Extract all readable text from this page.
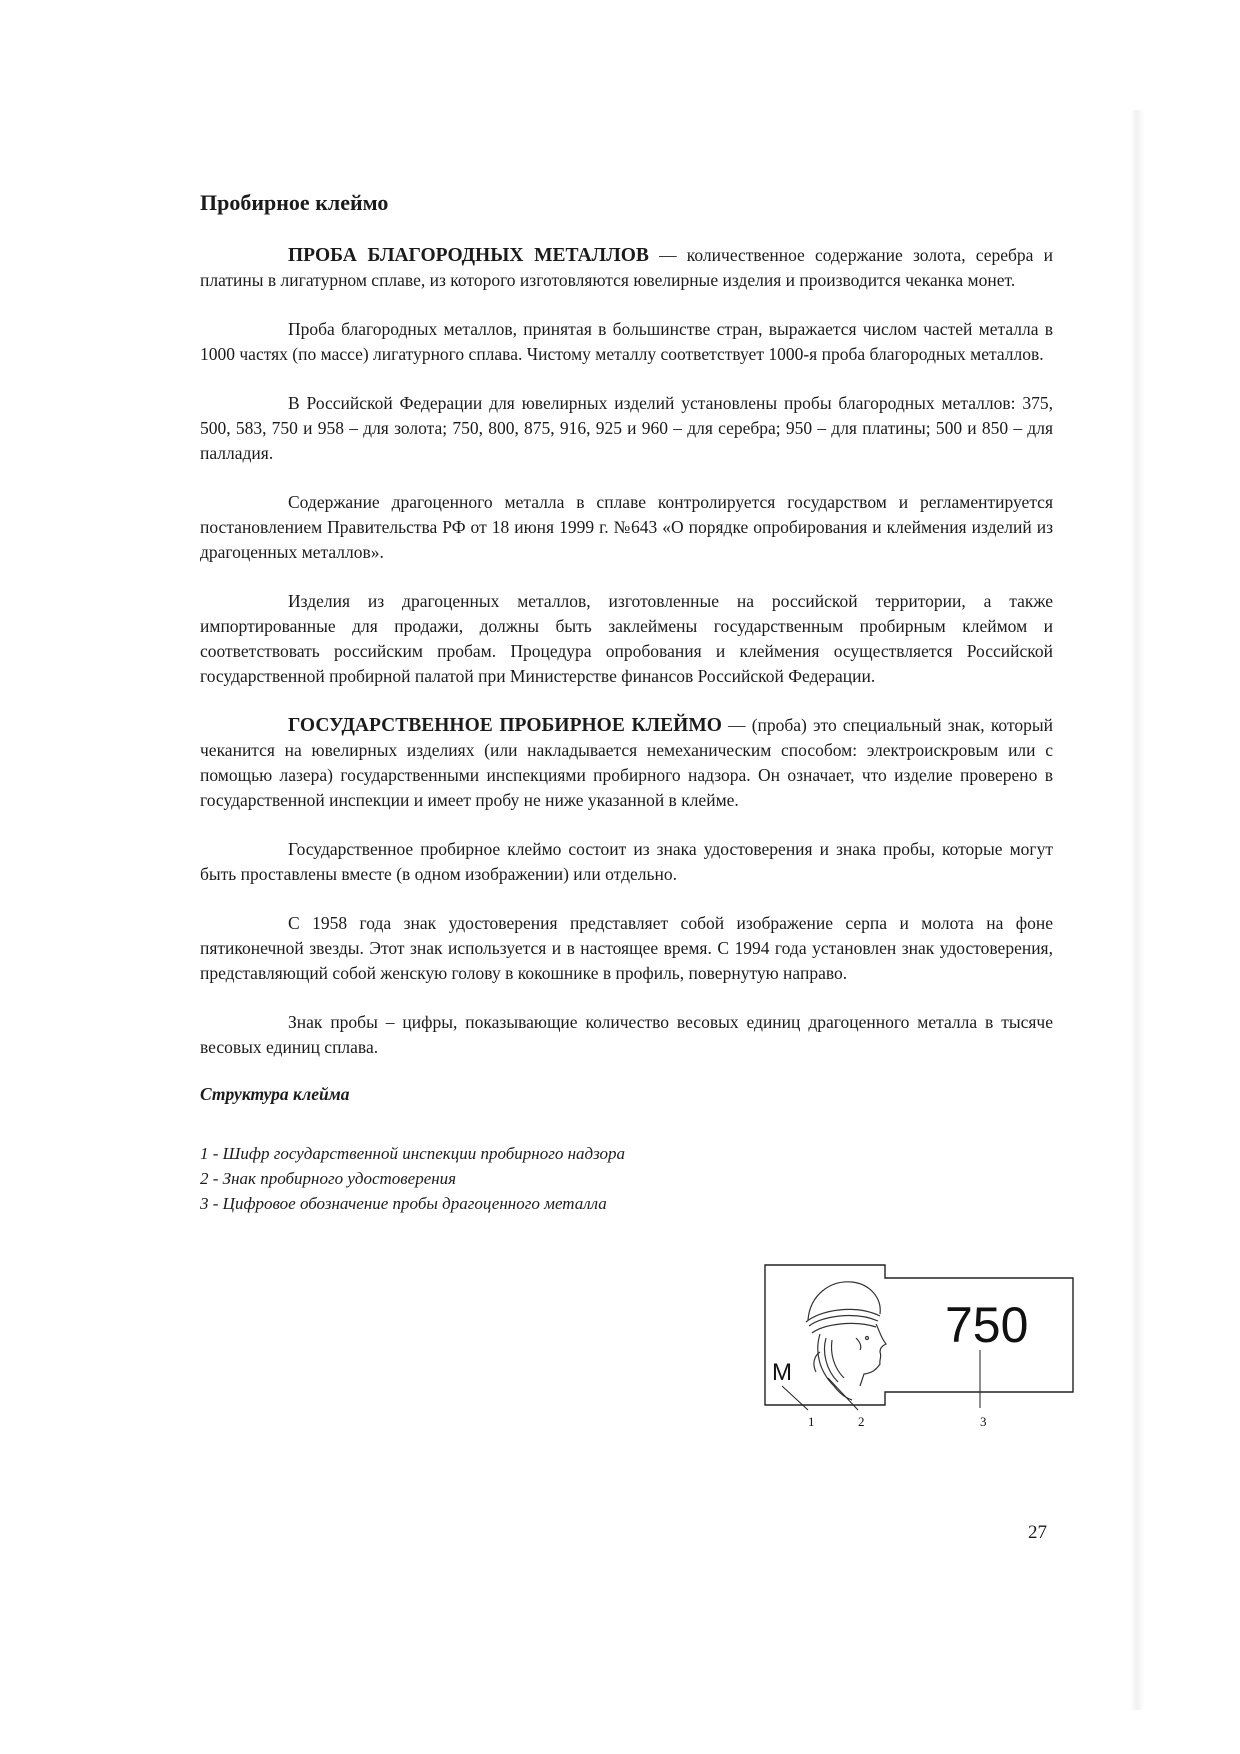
Пробирное клеймо

ПРОБА БЛАГОРОДНЫХ МЕТАЛЛОВ — количественное содержание золота, серебра и платины в лигатурном сплаве, из которого изготовляются ювелирные изделия и производится чеканка монет.

Проба благородных металлов, принятая в большинстве стран, выражается числом частей металла в 1000 частях (по массе) лигатурного сплава. Чистому металлу соответствует 1000-я проба благородных металлов.

В Российской Федерации для ювелирных изделий установлены пробы благородных металлов: 375, 500, 583, 750 и 958 – для золота; 750, 800, 875, 916, 925 и 960 – для серебра; 950 – для платины; 500 и 850 – для палладия.

Содержание драгоценного металла в сплаве контролируется государством и регламентируется постановлением Правительства РФ от 18 июня 1999 г. №643 «О порядке опробирования и клеймения изделий из драгоценных металлов».

Изделия из драгоценных металлов, изготовленные на российской территории, а также импортированные для продажи, должны быть заклеймены государственным пробирным клеймом и соответствовать российским пробам. Процедура опробования и клеймения осуществляется Российской государственной пробирной палатой при Министерстве финансов Российской Федерации.

ГОСУДАРСТВЕННОЕ ПРОБИРНОЕ КЛЕЙМО — (проба) это специальный знак, который чеканится на ювелирных изделиях (или накладывается немеханическим способом: электроискровым или с помощью лазера) государственными инспекциями пробирного надзора. Он означает, что изделие проверено в государственной инспекции и имеет пробу не ниже указанной в клейме.

Государственное пробирное клеймо состоит из знака удостоверения и знака пробы, которые могут быть проставлены вместе (в одном изображении) или отдельно.

С 1958 года знак удостоверения представляет собой изображение серпа и молота на фоне пятиконечной звезды. Этот знак используется и в настоящее время. С 1994 года установлен знак удостоверения, представляющий собой женскую голову в кокошнике в профиль, повернутую направо.

Знак пробы – цифры, показывающие количество весовых единиц драгоценного металла в тысяче весовых единиц сплава.

Структура клейма
1 - Шифр государственной инспекции пробирного надзора
2 - Знак пробирного удостоверения
3 - Цифровое обозначение пробы драгоценного металла
М
750
1	2	3
27
